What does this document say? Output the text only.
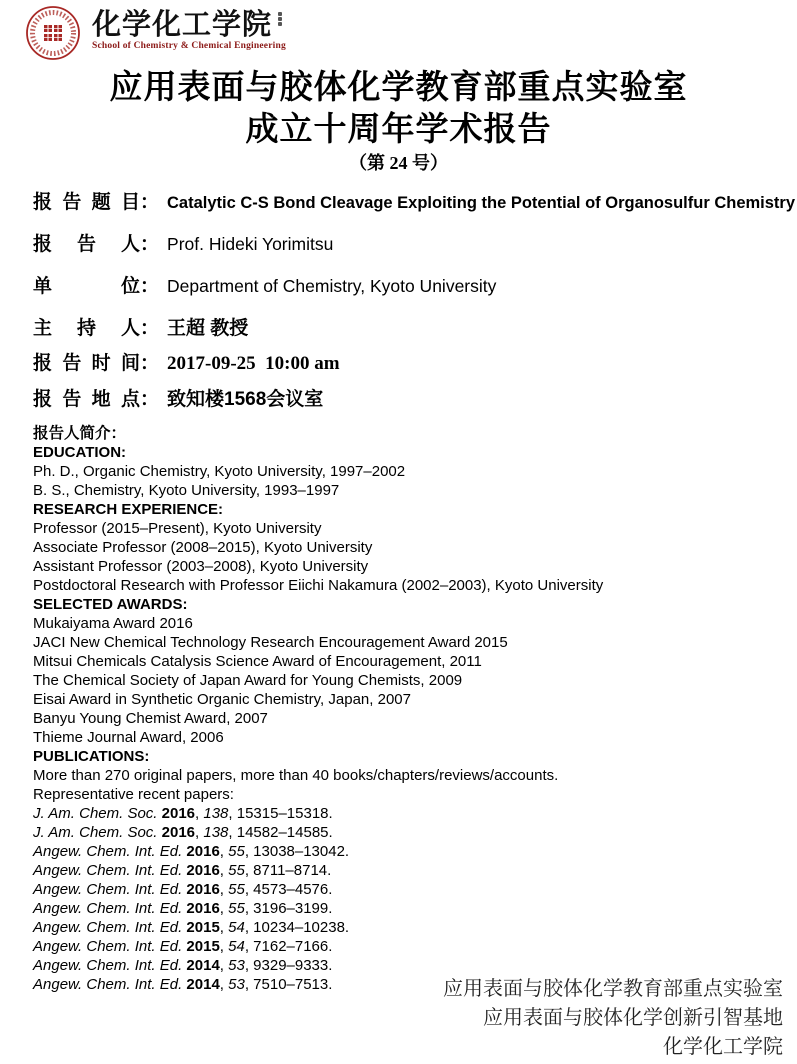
化学化工学院
School of Chemistry & Chemical Engineering
应用表面与胶体化学教育部重点实验室
成立十周年学术报告
（第 24 号）
报告题目 ： Catalytic C-S Bond Cleavage Exploiting the Potential of Organosulfur Chemistry
报 告 人 ： Prof. Hideki Yorimitsu
单 位 ： Department of Chemistry, Kyoto University
主 持 人 ： 王超 教授
报告时间 ： 2017-09-25  10:00 am
报告地点 ： 致知楼1568会议室
报告人简介：
EDUCATION:
Ph. D., Organic Chemistry, Kyoto University, 1997–2002
B. S., Chemistry, Kyoto University, 1993–1997
RESEARCH EXPERIENCE:
Professor (2015–Present), Kyoto University
Associate Professor (2008–2015), Kyoto University
Assistant Professor (2003–2008), Kyoto University
Postdoctoral Research with Professor Eiichi Nakamura (2002–2003), Kyoto University
SELECTED AWARDS:
Mukaiyama Award 2016
JACI New Chemical Technology Research Encouragement Award 2015
Mitsui Chemicals Catalysis Science Award of Encouragement, 2011
The Chemical Society of Japan Award for Young Chemists, 2009
Eisai Award in Synthetic Organic Chemistry, Japan, 2007
Banyu Young Chemist Award, 2007
Thieme Journal Award, 2006
PUBLICATIONS:
More than 270 original papers, more than 40 books/chapters/reviews/accounts.
Representative recent papers:
J. Am. Chem. Soc. 2016, 138, 15315–15318.
J. Am. Chem. Soc. 2016, 138, 14582–14585.
Angew. Chem. Int. Ed. 2016, 55, 13038–13042.
Angew. Chem. Int. Ed. 2016, 55, 8711–8714.
Angew. Chem. Int. Ed. 2016, 55, 4573–4576.
Angew. Chem. Int. Ed. 2016, 55, 3196–3199.
Angew. Chem. Int. Ed. 2015, 54, 10234–10238.
Angew. Chem. Int. Ed. 2015, 54, 7162–7166.
Angew. Chem. Int. Ed. 2014, 53, 9329–9333.
Angew. Chem. Int. Ed. 2014, 53, 7510–7513.	应用表面与胶体化学教育部重点实验室
应用表面与胶体化学创新引智基地
化学化工学院
